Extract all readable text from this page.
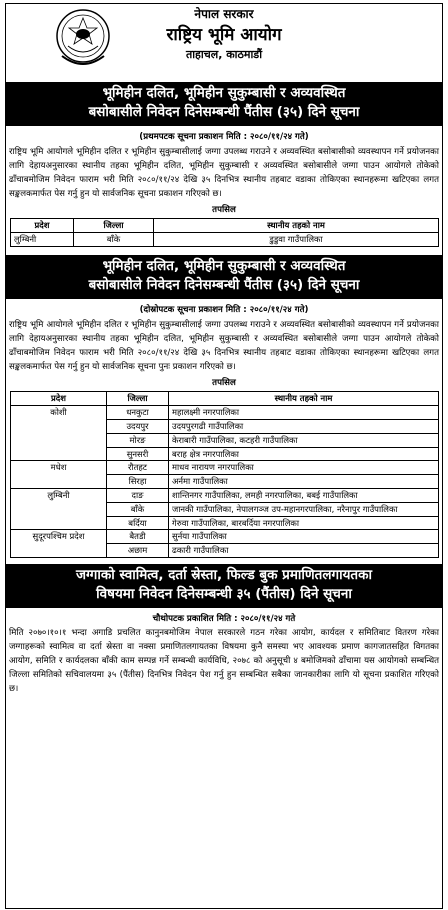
नेपाल सरकार
राष्ट्रिय भूमि आयोग
ताहाचल, काठमाडौं
भूमिहीन दलित, भूमिहीन सुकुम्बासी र अव्यवस्थित
बसोबासीले निवेदन दिनेसम्बन्धी पैंतीस (३५) दिने सूचना
(प्रथमपटक सूचना प्रकाशन मिति : २०८०/११/२४ गते)
राष्ट्रिय भूमि आयोगले भूमिहीन दलित र भूमिहीन सुकुम्बासीलाई जग्गा उपलब्ध गराउने र अव्यवस्थित बसोबासीको व्यवस्थापन गर्ने प्रयोजनका लागि देहायअनुसारका स्थानीय तहका भूमिहीन दलित, भूमिहीन सुकुम्बासी र अव्यवस्थित बसोबासीले जग्गा पाउन आयोगले तोकेको ढाँचाबमोजिम निवेदन फाराम भरी मिति २०८०/११/२४ देखि ३५ दिनभित्र स्थानीय तहबाट वडाका तोकिएका स्थानहरूमा खटिएका लगत सङ्कलकमार्फत पेस गर्नु हुन यो सार्वजनिक सूचना प्रकाशन गरिएको छ।
तपसिल
प्रदेश	जिल्ला	स्थानीय तहको नाम
लुम्बिनी	बाँके	डुडुवा गाउँपालिका
भूमिहीन दलित, भूमिहीन सुकुम्बासी र अव्यवस्थित
बसोबासीले निवेदन दिनेसम्बन्धी पैंतीस (३५) दिने सूचना
(दोस्रोपटक सूचना प्रकाशन मिति : २०८०/११/२४ गते)
राष्ट्रिय भूमि आयोगले भूमिहीन दलित र भूमिहीन सुकुम्बासीलाई जग्गा उपलब्ध गराउने र अव्यवस्थित बसोबासीको व्यवस्थापन गर्ने प्रयोजनका लागि देहायअनुसारका स्थानीय तहका भूमिहीन दलित, भूमिहीन सुकुम्बासी र अव्यवस्थित बसोबासीले जग्गा पाउन आयोगले तोकेको ढाँचाबमोजिम निवेदन फाराम भरी मिति २०८०/११/२४ देखि ३५ दिनभित्र स्थानीय तहबाट वडाका तोकिएका स्थानहरूमा खटिएका लगत सङ्कलकमार्फत पेस गर्नु हुन यो सार्वजनिक सूचना पुनः प्रकाशन गरिएको छ।
तपसिल
प्रदेश	जिल्ला	स्थानीय तहको नाम
कोशी	धनकुटा	महालक्ष्मी नगरपालिका
	उदयपुर	उदयपुरगढी गाउँपालिका
	मोरङ	केराबारी गाउँपालिका, कटहरी गाउँपालिका
	सुनसरी	बराह क्षेत्र नगरपालिका
मधेश	रौतहट	माधव नारायण नगरपालिका
	सिरहा	अर्नमा गाउँपालिका
लुम्बिनी	दाङ	शान्तिनगर गाउँपालिका, लमही नगरपालिका, बबई गाउँपालिका
	बाँके	जानकी गाउँपालिका, नेपालगञ्ज उप-महानगरपालिका, नरैनापुर गाउँपालिका
	बर्दिया	गेरुवा गाउँपालिका, बारबर्दिया नगरपालिका
सुदूरपश्चिम प्रदेश	बैतडी	सुर्नया गाउँपालिका
	अछाम	ढकारी गाउँपालिका
जग्गाको स्वामित्व, दर्ता स्रेस्ता, फिल्ड बुक प्रमाणितलगायतका
विषयमा निवेदन दिनेसम्बन्धी ३५ (पैंतीस) दिने सूचना
चौथोपटक प्रकाशित मिति : २०८०/११/२४ गते
मिति २०७०।१०।१ भन्दा अगाडि प्रचलित कानुनबमोजिम नेपाल सरकारले गठन गरेका आयोग, कार्यदल र समितिबाट वितरण गरेका जग्गाहरूको स्वामित्व वा दर्ता स्रेस्ता वा नक्सा प्रमाणितलगायतका विषयमा कुनै समस्या भए आवश्यक प्रमाण कागजातसहित विगतका आयोग, समिति र कार्यदलका बाँकी काम सम्पन्न गर्ने सम्बन्धी कार्यविधि, २०७८ को अनुसूची ४ बमोजिमको ढाँचामा यस आयोगको सम्बन्धित जिल्ला समितिको सचिवालयमा ३५ (पैंतीस) दिनभित्र निवेदन पेश गर्नु हुन सम्बन्धित सबैका जानकारीका लागि यो सूचना प्रकाशित गरिएको छ।
